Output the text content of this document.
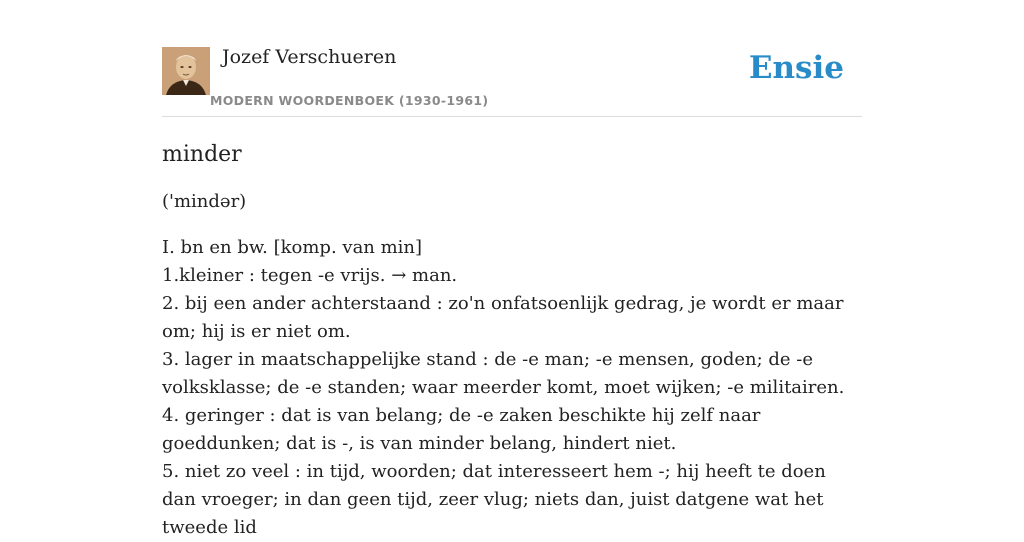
Jozef Verschueren
MODERN WOORDENBOEK (1930-1961)
Ensie
minder

('mindər)

I. bn en bw. [komp. van min]
1.kleiner : tegen -e vrijs. → man.
2. bij een ander achterstaand : zo'n onfatsoenlijk gedrag, je wordt er maar om; hij is er niet om.
3. lager in maatschappelijke stand : de -e man; -e mensen, goden; de -e volksklasse; de -e standen; waar meerder komt, moet wijken; -e militairen.
4. geringer : dat is van belang; de -e zaken beschikte hij zelf naar goeddunken; dat is -, is van minder belang, hindert niet.
5. niet zo veel : in tijd, woorden; dat interesseert hem -; hij heeft te doen dan vroeger; in dan geen tijd, zeer vlug; niets dan, juist datgene wat het tweede lid
